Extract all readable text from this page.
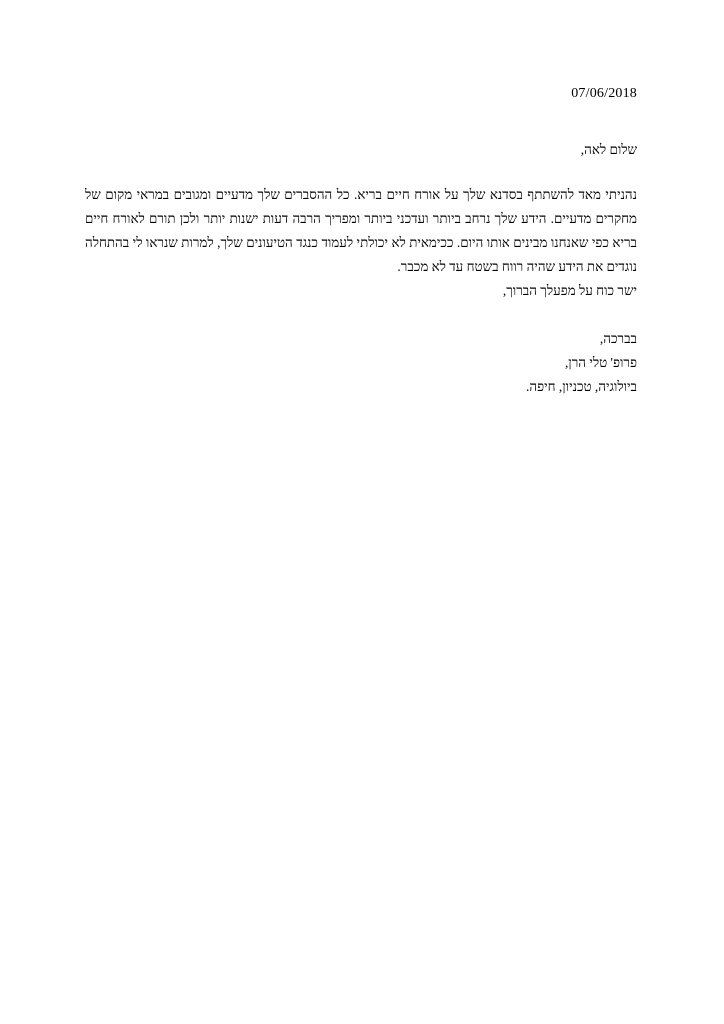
07/06/2018
שלום לאה,
נהניתי מאד להשתתף בסדנא שלך על אורח חיים בריא. כל ההסברים שלך מדעיים ומגובים במראי מקום של
מחקרים מדעיים. הידע שלך נרחב ביותר ועדכני ביותר ומפריך הרבה דעות ישנות יותר ולכן תורם לאורח חיים
בריא כפי שאנחנו מבינים אותו היום. ככימאית לא יכולתי לעמוד כנגד הטיעונים שלך, למרות שנראו לי בהתחלה
נוגדים את הידע שהיה רווח בשטח עד לא מכבר.
ישר כוח על מפעלך הברוך,
בברכה,
פרופ' טלי הרן,
ביולוגיה, טכניון, חיפה.
